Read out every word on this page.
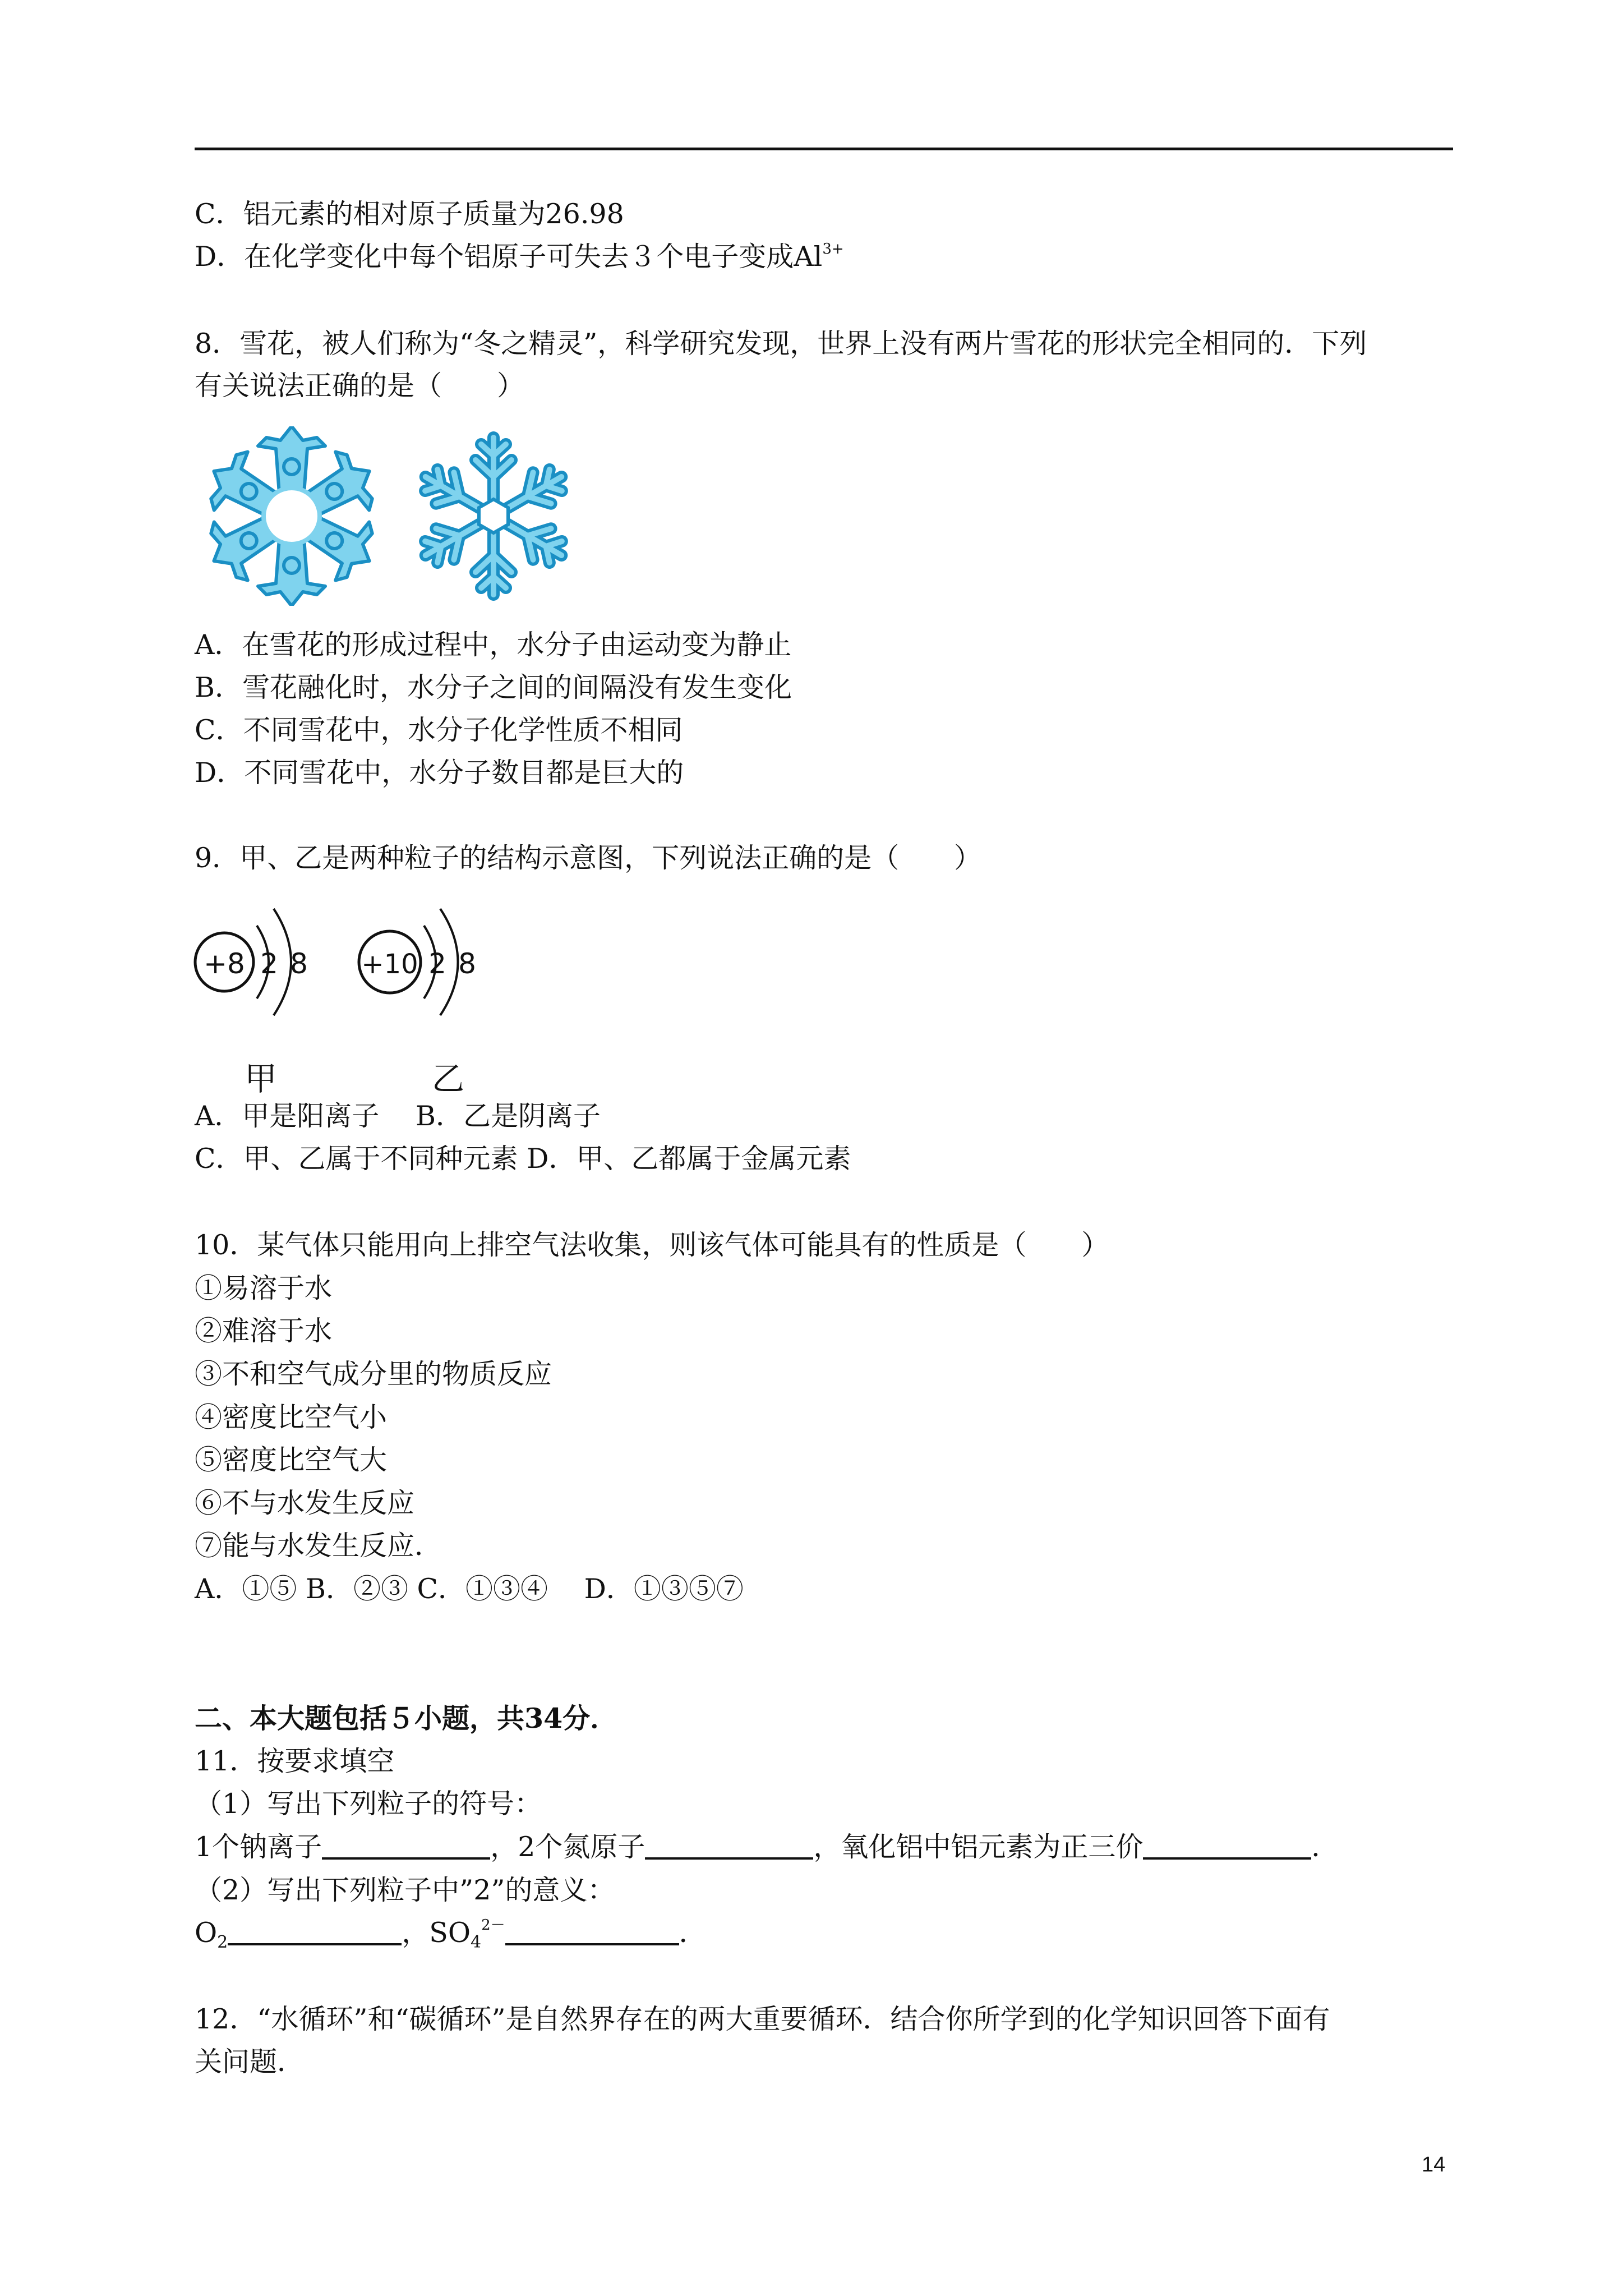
C．铝元素的相对原子质量为26.98
D．在化学变化中每个铝原子可失去３个电子变成$Al^{3+}$
8．雪花，被人们称为“冬之精灵”，科学研究发现，世界上没有两片雪花的形状完全相同的．下列
有关说法正确的是（　　）
A．在雪花的形成过程中，水分子由运动变为静止
B．雪花融化时，水分子之间的间隔没有发生变化
C．不同雪花中，水分子化学性质不相同
D．不同雪花中，水分子数目都是巨大的
9．甲、乙是两种粒子的结构示意图，下列说法正确的是（　　）
+8 2 8
甲
+10 2 8
乙
A．甲是阳离子　 B．乙是阴离子
C．甲、乙属于不同种元素 D．甲、乙都属于金属元素
10．某气体只能用向上排空气法收集，则该气体可能具有的性质是（　　）
①易溶于水
②难溶于水
③不和空气成分里的物质反应
④密度比空气小
⑤密度比空气大
⑥不与水发生反应
⑦能与水发生反应．
A．①⑤ B．②③ C．①③④　 D．①③⑤⑦
二、本大题包括５小题，共34分．
11．按要求填空
（1）写出下列粒子的符号：
1个钠离子	，2个氮原子	，氧化铝中铝元素为正三价	．
（2）写出下列粒子中”2”的意义：
$O_2$	，$SO_4^{2-}$	．
12．“水循环”和“碳循环”是自然界存在的两大重要循环．结合你所学到的化学知识回答下面有
关问题．
14
